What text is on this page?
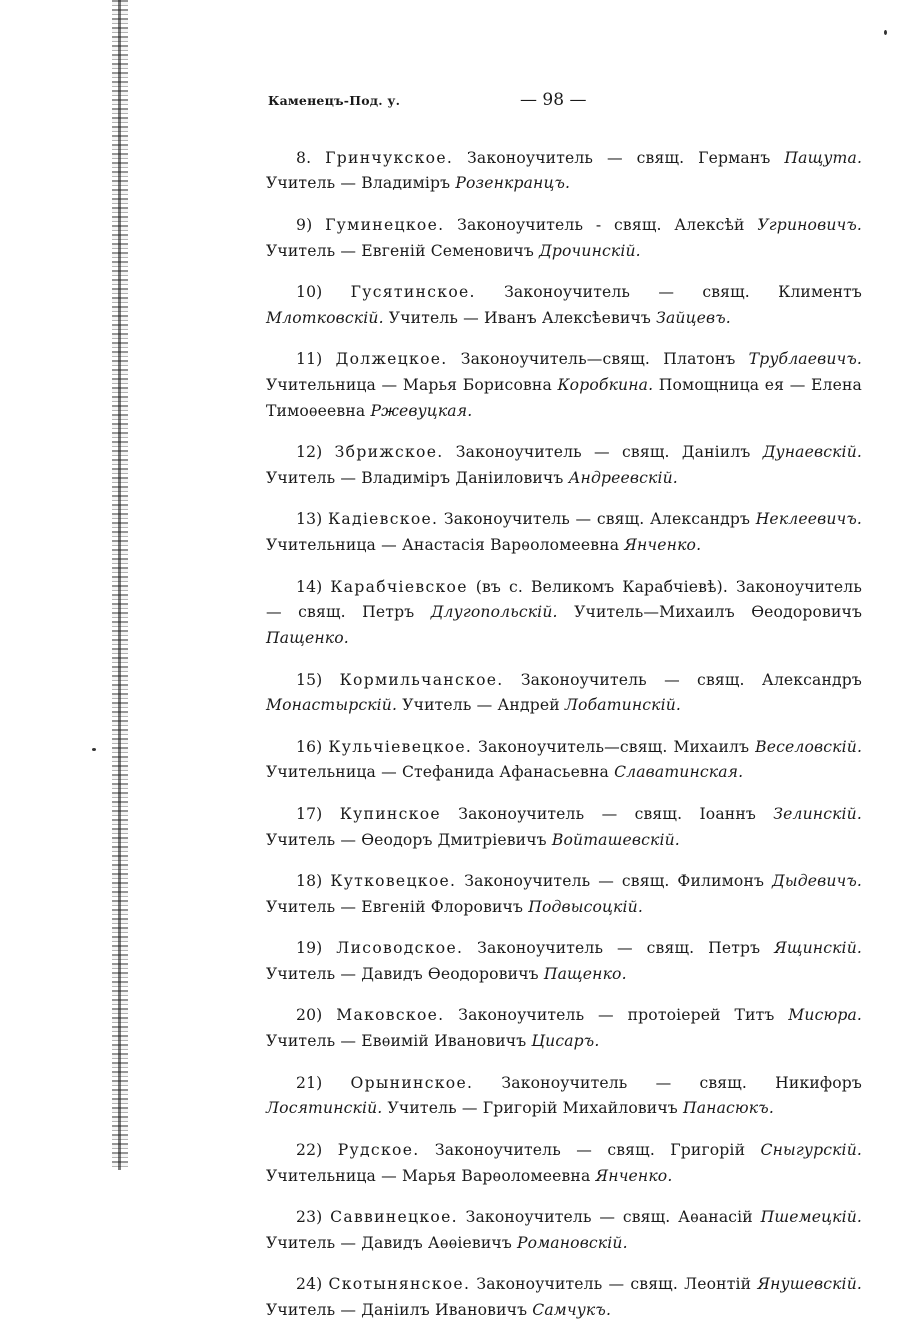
Каменецъ-Под. у.	— 98 —

8. Гринчукское. Законоучитель — свящ. Германъ Пащута. Учитель — Владиміръ Розенкранцъ.

9) Гуминецкое. Законоучитель - свящ. Алексѣй Угриновичъ. Учитель — Евгеній Семеновичъ Дрочинскій.

10) Гусятинское. Законоучитель — свящ. Климентъ Млотковскій. Учитель — Иванъ Алексѣевичъ Зайцевъ.

11) Должецкое. Законоучитель—свящ. Платонъ Трублаевичъ. Учительница — Марья Борисовна Коробкина. Помощница ея — Елена Тимоѳеевна Ржевуцкая.

12) Збрижское. Законоучитель — свящ. Даніилъ Дунаевскій. Учитель — Владиміръ Даніиловичъ Андреевскій.

13) Кадіевское. Законоучитель — свящ. Александръ Неклеевичъ. Учительница — Анастасія Варѳоломеевна Янченко.

14) Карабчіевское (въ с. Великомъ Карабчіевѣ). Законоучитель — свящ. Петръ Длугопольскій. Учитель—Михаилъ Ѳеодоровичъ Пащенко.

15) Кормильчанское. Законоучитель — свящ. Александръ Монастырскій. Учитель — Андрей Лобатинскій.

16) Кульчіевецкое. Законоучитель—свящ. Михаилъ Веселовскій. Учительница — Стефанида Афанасьевна Славатинская.

17) Купинское Законоучитель — свящ. Іоаннъ Зелинскій. Учитель — Ѳеодоръ Дмитріевичъ Войташевскій.

18) Кутковецкое. Законоучитель — свящ. Филимонъ Дыдевичъ. Учитель — Евгеній Флоровичъ Подвысоцкій.

19) Лисоводское. Законоучитель — свящ. Петръ Ящинскій. Учитель — Давидъ Ѳеодоровичъ Пащенко.

20) Маковское. Законоучитель — протоіерей Титъ Мисюра. Учитель — Евѳимій Ивановичъ Цисаръ.

21) Орынинское. Законоучитель — свящ. Никифоръ Лосятинскій. Учитель — Григорій Михайловичъ Панасюкъ.

22) Рудское. Законоучитель — свящ. Григорій Сныгурскій. Учительница — Марья Варѳоломеевна Янченко.

23) Саввинецкое. Законоучитель — свящ. Аѳанасій Пшемецкій. Учитель — Давидъ Аѳѳіевичъ Романовскій.

24) Скотынянское. Законоучитель — свящ. Леонтій Янушевскій. Учитель — Даніилъ Ивановичъ Самчукъ.
